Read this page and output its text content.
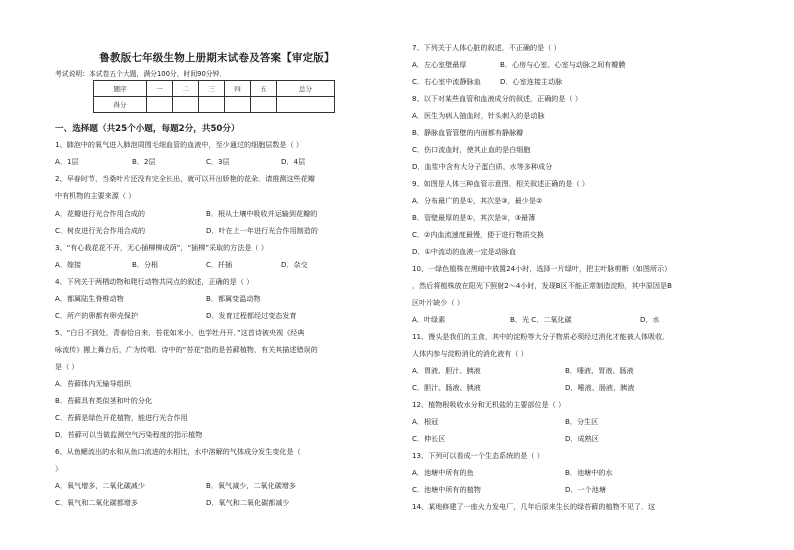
鲁教版七年级生物上册期末试卷及答案【审定版】
考试说明：本试卷五个大题，满分100分，时间90分钟．
题序	一	二	三	四	五	总分
得分						
一、选择题（共25个小题，每题2分，共50分）
1、肺泡中的氧气进入肺泡周围毛细血管的血液中，至少通过的细胞层数是（ ）
A．1层	B．2层	C．3层	D．4层
2、早春时节，当桑叶片还没有完全长出，就可以开出娇艳的花朵．请推测这些花瓣
中有机物的主要来源（ ）
A．花瓣进行光合作用合成的	B．根从土壤中吸收并运输到花瓣的
C．树皮进行光合作用合成的	D．叶在上一年进行光合作用制造的
3、“有心栽花花不开，无心插柳柳成荫”，“插柳”采取的方法是（ ）
A．嫁接	B．分根	C．扦插	D．杂交
4、下列关于两栖动物和爬行动物共同点的叙述，正确的是（ ）
A．都属陆生脊椎动物	B．都属变温动物
C．所产的卵都有卵壳保护	D．发育过程都经过变态发育
5、“白日不到处，青春恰自来．苔花如米小，也学牡丹开．”这首诗被央视《经典
咏流传》搬上舞台后，广为传唱．诗中的“苔花”指的是苔藓植物，有关其描述错误的
是（ ）
A．苔藓体内无输导组织
B．苔藓具有类似茎和叶的分化
C．苔藓是绿色开花植物，能进行光合作用
D．苔藓可以当做监测空气污染程度的指示植物
6、从鱼鳃流出的水和从鱼口流进的水相比，水中溶解的气体成分发生变化是（
）
A．氧气增多，二氧化碳减少	B．氧气减少，二氧化碳增多
C．氧气和二氧化碳都增多	D．氧气和二氧化碳都减少
7、下列关于人体心脏的叙述，不正确的是（ ）
A．左心室壁最厚	B．心房与心室、心室与动脉之间有瓣膜
C．右心室中流静脉血	D．心室连接主动脉
8、以下对某些血管和血液成分的叙述，正确的是（ ）
A．医生为病人抽血时，针头刺入的是动脉
B．静脉血管管壁的内面都有静脉瓣
C．伤口流血时，使其止血的是白细胞
D．血浆中含有大分子蛋白质、水等多种成分
9、如图是人体三种血管示意图，相关叙述正确的是（ ）
A．分布最广的是①，其次是③，最少是②
B．管壁最厚的是①，其次是②，③最薄
C．②内血流速度最慢，便于进行物质交换
D．①中流动的血液一定是动脉血
10、一绿色植株在黑暗中放置24小时，选择一片绿叶，把主叶脉剪断（如图所示）
，然后将植株放在阳光下照射2～4小时，发现B区不能正常制造淀粉，其中原因是B
区叶片缺少（ ）
A．叶绿素	B．光 C．二氧化碳	D．水
11、馒头是我们的主食，其中的淀粉等大分子物质必须经过消化才能被人体吸收．
人体内参与淀粉消化的消化液有（ ）
A．胃液、胆汁、胰液	B．唾液、胃液、肠液
C．胆汁、肠液、胰液	D．唾液、肠液、胰液
12、植物根吸收水分和无机盐的主要部位是（ ）
A．根冠	B．分生区
C．伸长区	D．成熟区
13、下列可以看成一个生态系统的是（ ）
A．池塘中所有的鱼	B．池塘中的水
C．池塘中所有的植物	D．一个池塘
14、某地修建了一座火力发电厂，几年后原来生长的绿苔藓的植物不见了．这
